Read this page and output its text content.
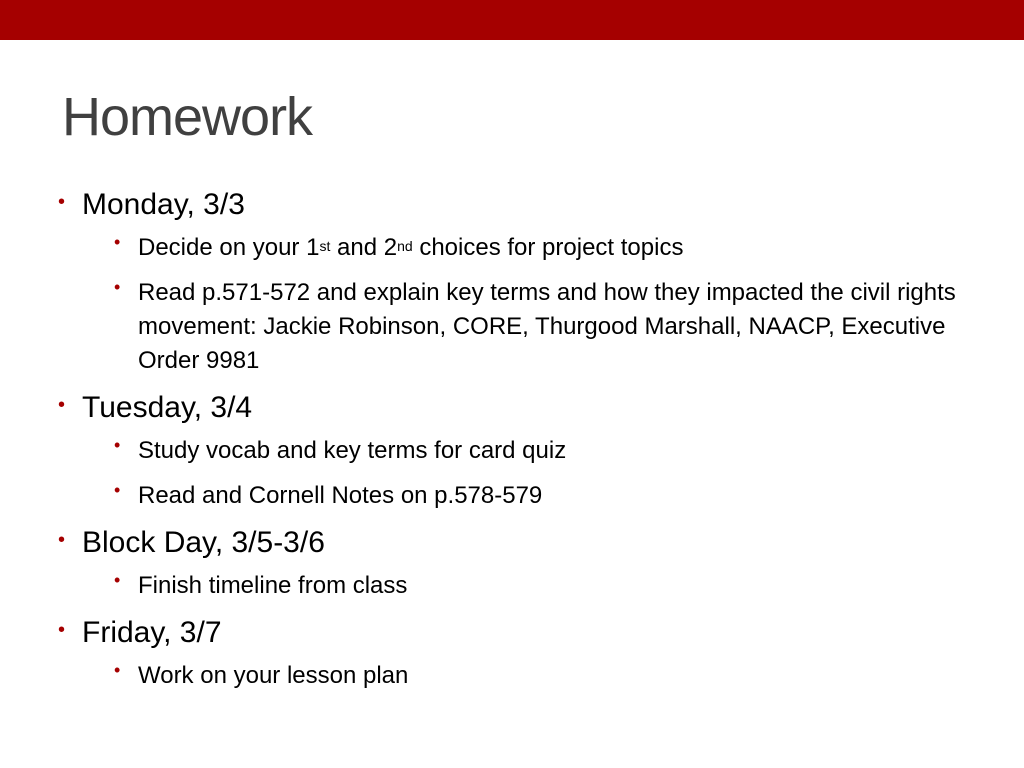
Homework
• Monday, 3/3
• Decide on your 1st and 2nd choices for project topics
• Read p.571-572 and explain key terms and how they impacted the civil rights movement: Jackie Robinson, CORE, Thurgood Marshall, NAACP, Executive Order 9981
• Tuesday, 3/4
• Study vocab and key terms for card quiz
• Read and Cornell Notes on p.578-579
• Block Day, 3/5-3/6
• Finish timeline from class
• Friday, 3/7
• Work on your lesson plan
